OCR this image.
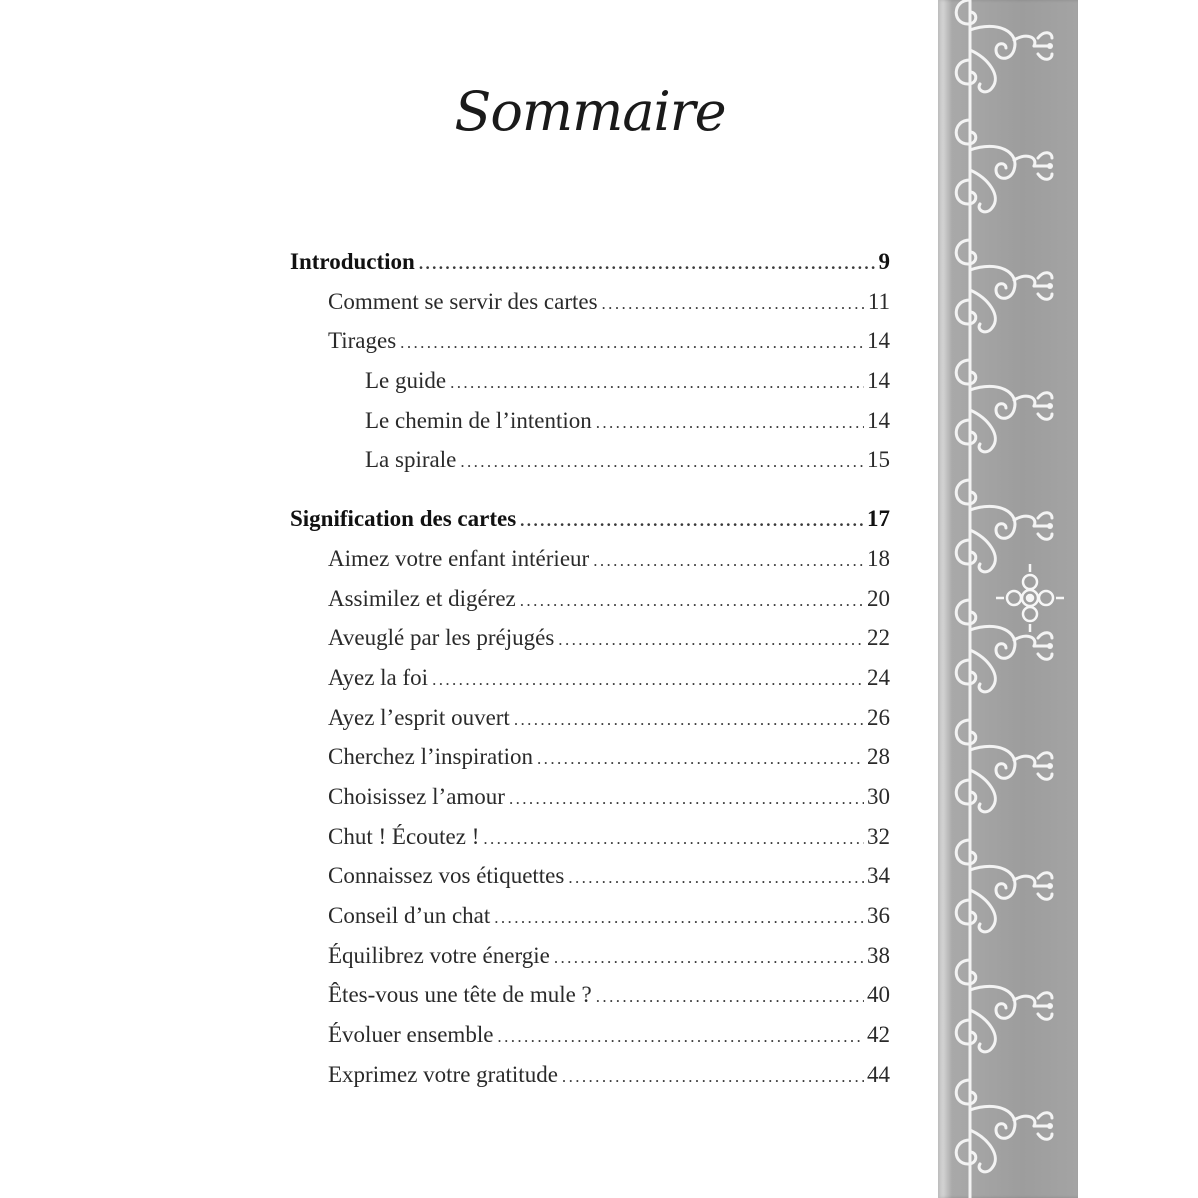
Sommaire
Introduction .....	9
Comment se servir des cartes .....	11
Tirages .....	14
Le guide .....	14
Le chemin de l’intention .....	14
La spirale .....	15
Signification des cartes .....	17
Aimez votre enfant intérieur .....	18
Assimilez et digérez .....	20
Aveuglé par les préjugés .....	22
Ayez la foi .....	24
Ayez l’esprit ouvert .....	26
Cherchez l’inspiration .....	28
Choisissez l’amour .....	30
Chut ! Écoutez ! .....	32
Connaissez vos étiquettes .....	34
Conseil d’un chat .....	36
Équilibrez votre énergie .....	38
Êtes-vous une tête de mule ? .....	40
Évoluer ensemble .....	42
Exprimez votre gratitude .....	44
